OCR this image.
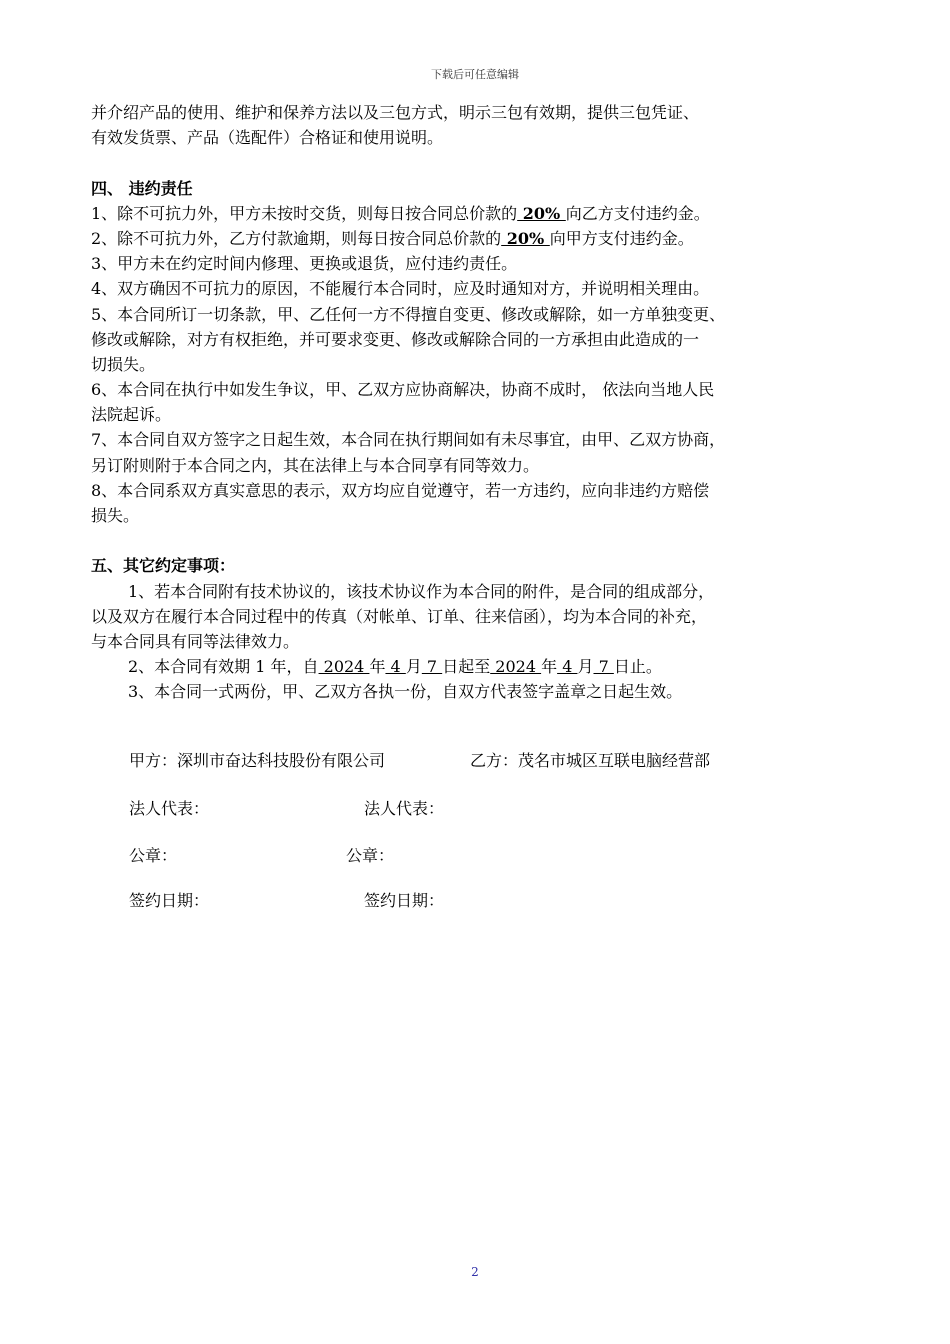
下载后可任意编辑
并介绍产品的使用、维护和保养方法以及三包方式，明示三包有效期，提供三包凭证、
有效发货票、产品（选配件）合格证和使用说明。
四、 违约责任
1、除不可抗力外，甲方未按时交货，则每日按合同总价款的 20% 向乙方支付违约金。
2、除不可抗力外，乙方付款逾期，则每日按合同总价款的 20% 向甲方支付违约金。
3、甲方未在约定时间内修理、更换或退货，应付违约责任。
4、双方确因不可抗力的原因，不能履行本合同时，应及时通知对方，并说明相关理由。
5、本合同所订一切条款，甲、乙任何一方不得擅自变更、修改或解除，如一方单独变更、
修改或解除，对方有权拒绝，并可要求变更、修改或解除合同的一方承担由此造成的一
切损失。
6、本合同在执行中如发生争议，甲、乙双方应协商解决，协商不成时， 依法向当地人民
法院起诉。
7、本合同自双方签字之日起生效，本合同在执行期间如有未尽事宜，由甲、乙双方协商，
另订附则附于本合同之内，其在法律上与本合同享有同等效力。
8、本合同系双方真实意思的表示，双方均应自觉遵守，若一方违约，应向非违约方赔偿
损失。
五、其它约定事项：
1、若本合同附有技术协议的，该技术协议作为本合同的附件，是合同的组成部分，
以及双方在履行本合同过程中的传真（对帐单、订单、往来信函），均为本合同的补充，
与本合同具有同等法律效力。
2、本合同有效期 1 年，自 2024 年 4 月 7 日起至 2024 年 4 月 7 日止。
3、本合同一式两份，甲、乙双方各执一份，自双方代表签字盖章之日起生效。
甲方：深圳市奋达科技股份有限公司	乙方：茂名市城区互联电脑经营部
法人代表：	法人代表：
公章：	公章：
签约日期：	签约日期：
2
